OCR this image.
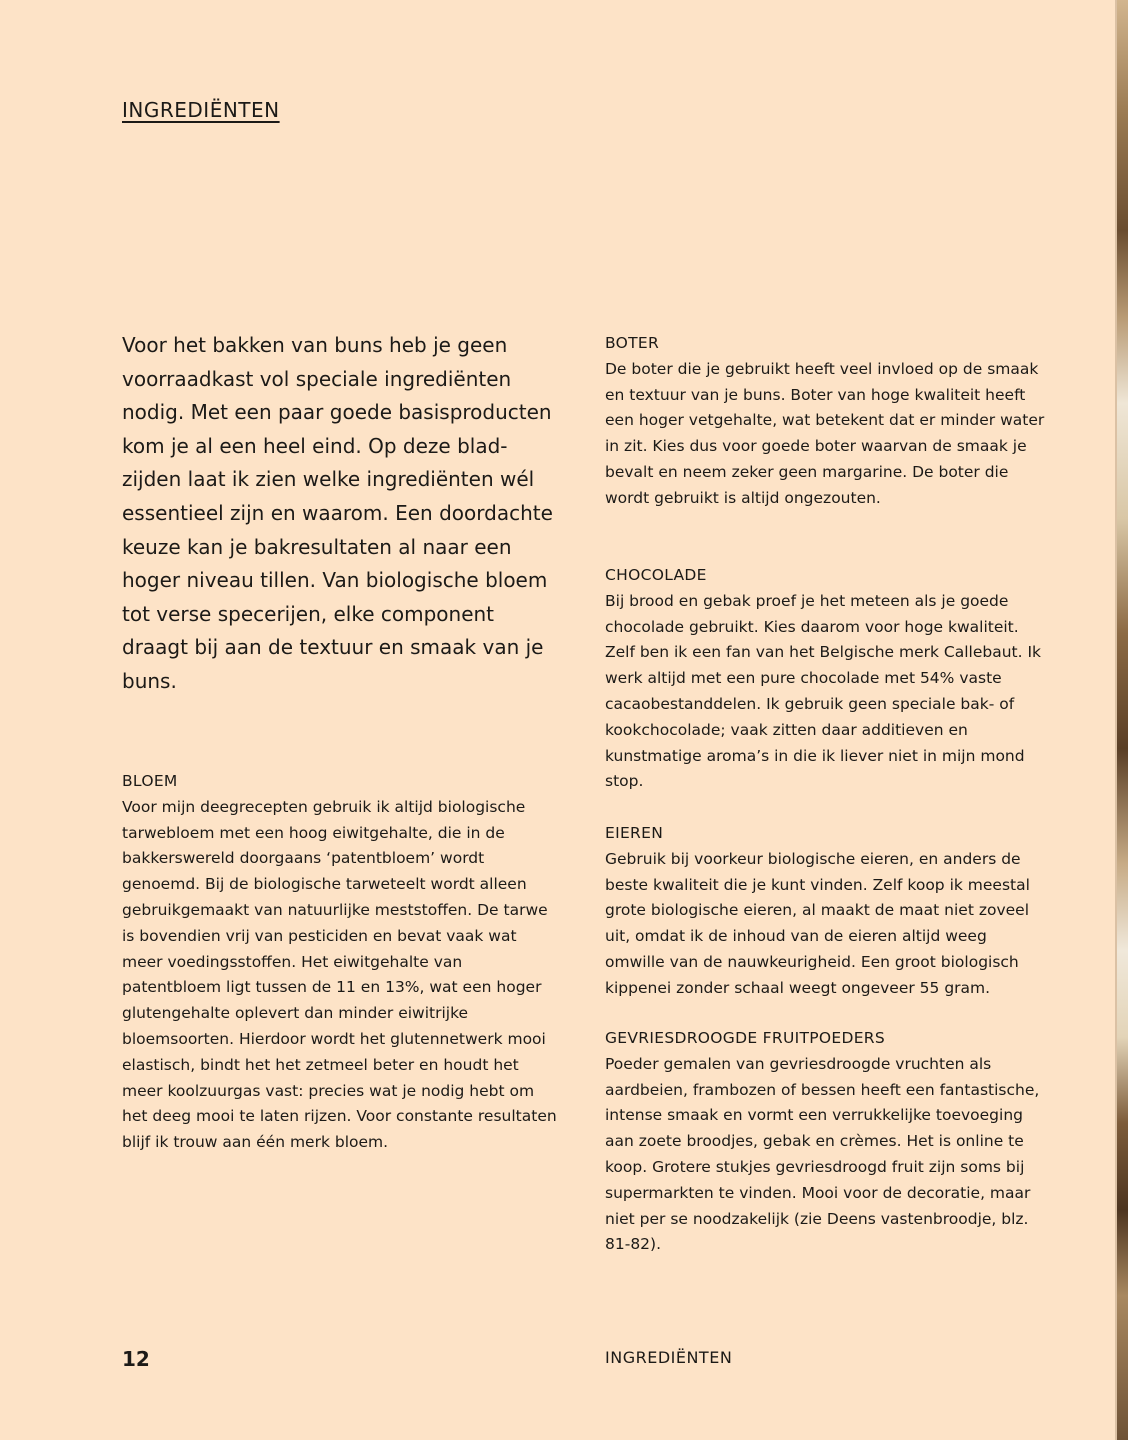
INGREDIËNTEN

Voor het bakken van buns heb je geen voorraadkast vol speciale ingrediënten nodig. Met een paar goede basisproducten kom je al een heel eind. Op deze blad-zijden laat ik zien welke ingrediënten wél essentieel zijn en waarom. Een doordachte keuze kan je bakresultaten al naar een hoger niveau tillen. Van biologische bloem tot verse specerijen, elke component draagt bij aan de textuur en smaak van je buns.

BLOEM
Voor mijn deegrecepten gebruik ik altijd biologische tarwebloem met een hoog eiwitgehalte, die in de bakkerswereld doorgaans ‘patentbloem’ wordt genoemd. Bij de biologische tarweteelt wordt alleen gebruikgemaakt van natuurlijke meststoffen. De tarwe is bovendien vrij van pesticiden en bevat vaak wat meer voedingsstoffen. Het eiwitgehalte van patentbloem ligt tussen de 11 en 13%, wat een hoger glutengehalte oplevert dan minder eiwitrijke bloemsoorten. Hierdoor wordt het glutennetwerk mooi elastisch, bindt het het zetmeel beter en houdt het meer koolzuurgas vast: precies wat je nodig hebt om het deeg mooi te laten rijzen. Voor constante resultaten blijf ik trouw aan één merk bloem.
BOTER
De boter die je gebruikt heeft veel invloed op de smaak en textuur van je buns. Boter van hoge kwaliteit heeft een hoger vetgehalte, wat betekent dat er minder water in zit. Kies dus voor goede boter waarvan de smaak je bevalt en neem zeker geen margarine. De boter die wordt gebruikt is altijd ongezouten.
CHOCOLADE
Bij brood en gebak proef je het meteen als je goede chocolade gebruikt. Kies daarom voor hoge kwaliteit. Zelf ben ik een fan van het Belgische merk Callebaut. Ik werk altijd met een pure chocolade met 54% vaste cacaobestanddelen. Ik gebruik geen speciale bak- of kookchocolade; vaak zitten daar additieven en kunstmatige aroma’s in die ik liever niet in mijn mond stop.
EIEREN
Gebruik bij voorkeur biologische eieren, en anders de beste kwaliteit die je kunt vinden. Zelf koop ik meestal grote biologische eieren, al maakt de maat niet zoveel uit, omdat ik de inhoud van de eieren altijd weeg omwille van de nauwkeurigheid. Een groot biologisch kippenei zonder schaal weegt ongeveer 55 gram.
GEVRIESDROOGDE FRUITPOEDERS
Poeder gemalen van gevriesdroogde vruchten als aardbeien, frambozen of bessen heeft een fantastische, intense smaak en vormt een verrukkelijke toevoeging aan zoete broodjes, gebak en crèmes. Het is online te koop. Grotere stukjes gevriesdroogd fruit zijn soms bij supermarkten te vinden. Mooi voor de decoratie, maar niet per se noodzakelijk (zie Deens vastenbroodje, blz. 81-82).

12	INGREDIËNTEN
